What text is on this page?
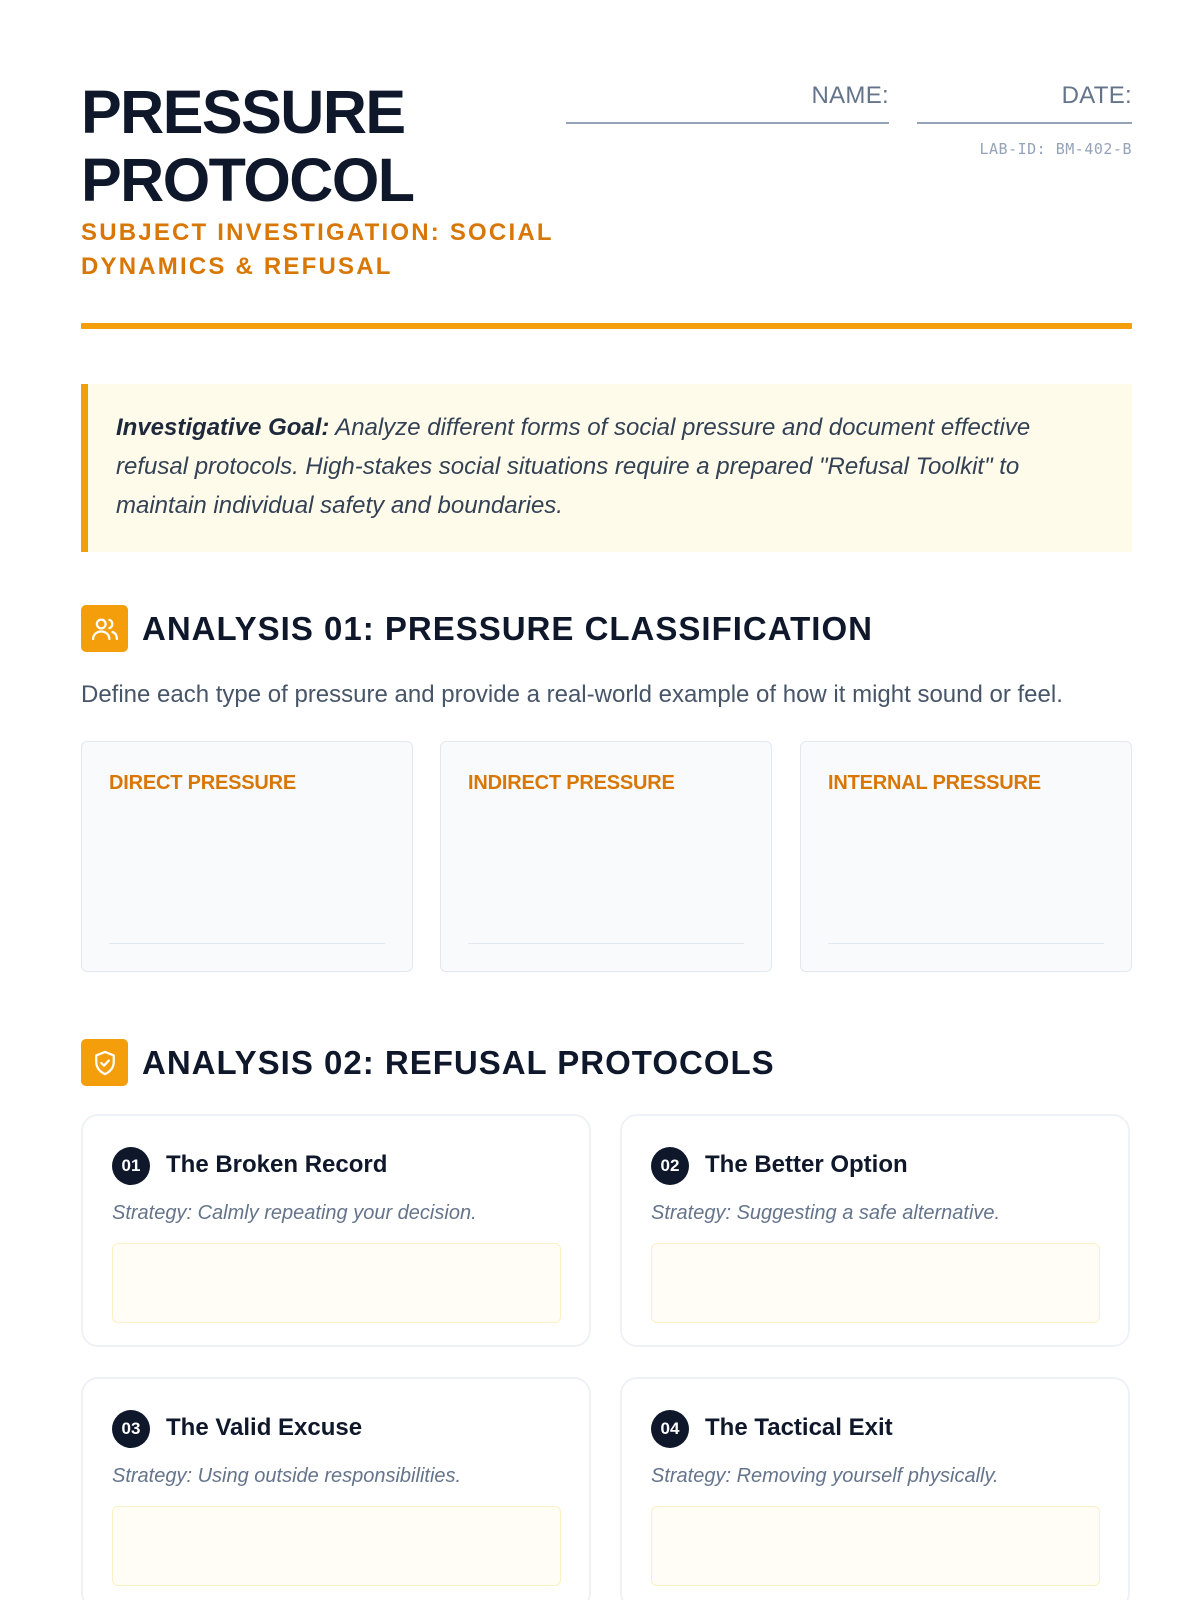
PRESSURE
PROTOCOL
SUBJECT INVESTIGATION: SOCIAL DYNAMICS & REFUSAL
NAME:	DATE:
LAB-ID: BM-402-B
Investigative Goal: Analyze different forms of social pressure and document effective refusal protocols. High-stakes social situations require a prepared "Refusal Toolkit" to maintain individual safety and boundaries.
ANALYSIS 01: PRESSURE CLASSIFICATION

Define each type of pressure and provide a real-world example of how it might sound or feel.

DIRECT PRESSURE	INDIRECT PRESSURE	INTERNAL PRESSURE
ANALYSIS 02: REFUSAL PROTOCOLS
01	The Broken Record
Strategy: Calmly repeating your decision.
02	The Better Option
Strategy: Suggesting a safe alternative.
03	The Valid Excuse
Strategy: Using outside responsibilities.
04	The Tactical Exit
Strategy: Removing yourself physically.
